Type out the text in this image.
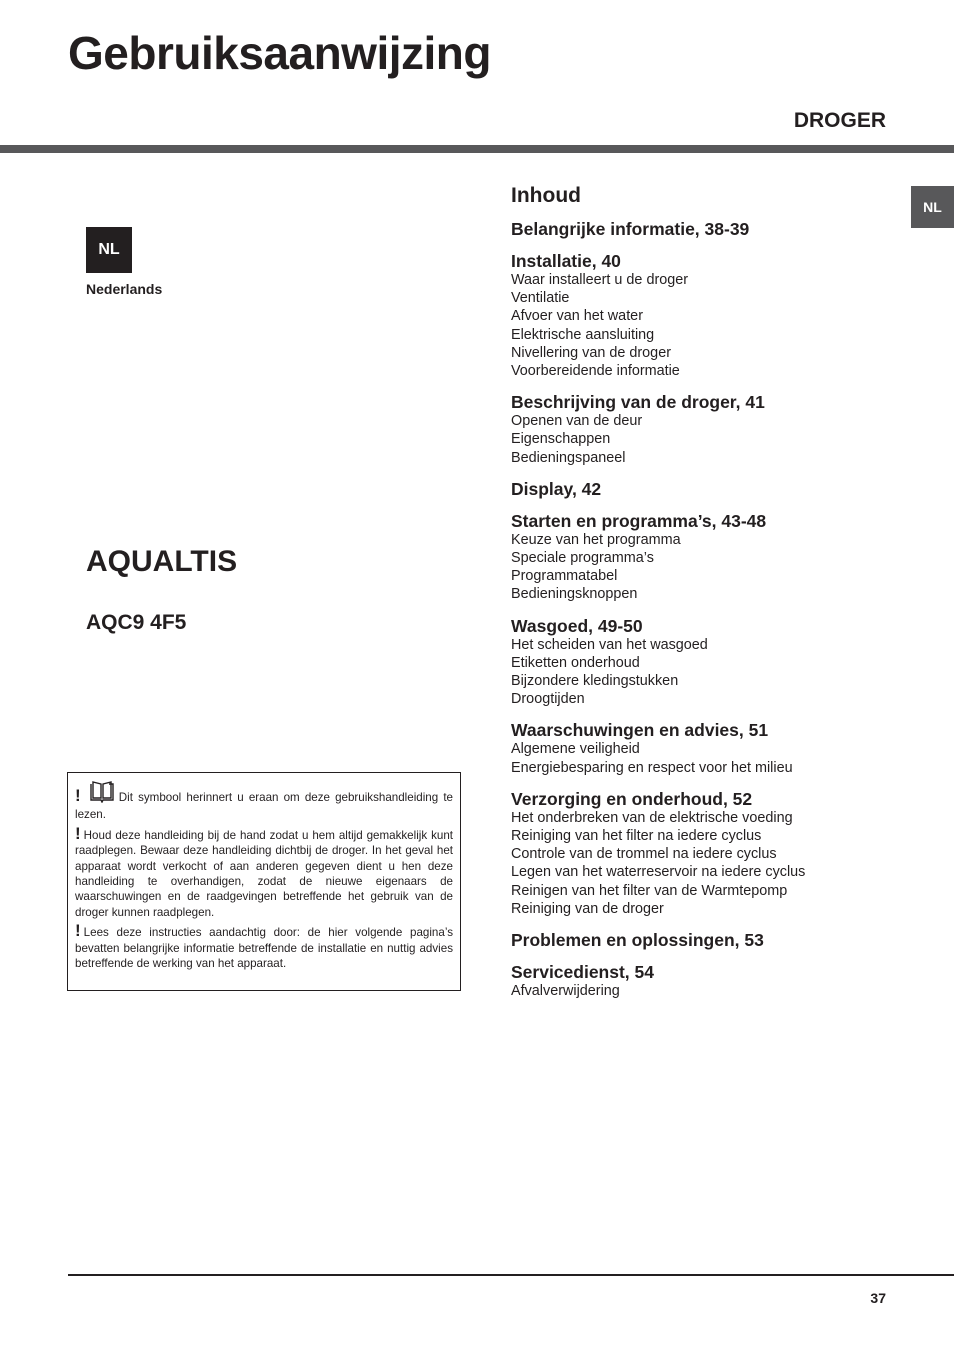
Gebruiksaanwijzing
DROGER
NL
NL
Nederlands
AQUALTIS
AQC9 4F5

!	Dit symbool herinnert u eraan om deze gebruikshandleiding te lezen.

! Houd deze handleiding bij de hand zodat u hem altijd gemakkelijk kunt raadplegen. Bewaar deze handleiding dichtbij de droger. In het geval het apparaat wordt verkocht of aan anderen gegeven dient u hen deze handleiding te overhandigen, zodat de nieuwe eigenaars de waarschuwingen en de raadgevingen betreffende het gebruik van de droger kunnen raadplegen.

! Lees deze instructies aandachtig door: de hier volgende pagina’s bevatten belangrijke informatie betreffende de installatie en nuttig advies betreffende de werking van het apparaat.

Inhoud
Belangrijke informatie, 38-39
Installatie, 40
Waar installeert u de droger
Ventilatie
Afvoer van het water
Elektrische aansluiting
Nivellering van de droger
Voorbereidende informatie
Beschrijving van de droger, 41
Openen van de deur
Eigenschappen
Bedieningspaneel
Display, 42
Starten en programma’s, 43-48
Keuze van het programma
Speciale programma’s
Programmatabel
Bedieningsknoppen
Wasgoed, 49-50
Het scheiden van het wasgoed
Etiketten onderhoud
Bijzondere kledingstukken
Droogtijden
Waarschuwingen en advies, 51
Algemene veiligheid
Energiebesparing en respect voor het milieu
Verzorging en onderhoud, 52
Het onderbreken van de elektrische voeding
Reiniging van het filter na iedere cyclus
Controle van de trommel na iedere cyclus
Legen van het waterreservoir na iedere cyclus
Reinigen van het filter van de Warmtepomp
Reiniging van de droger
Problemen en oplossingen, 53
Servicedienst, 54
Afvalverwijdering
37
